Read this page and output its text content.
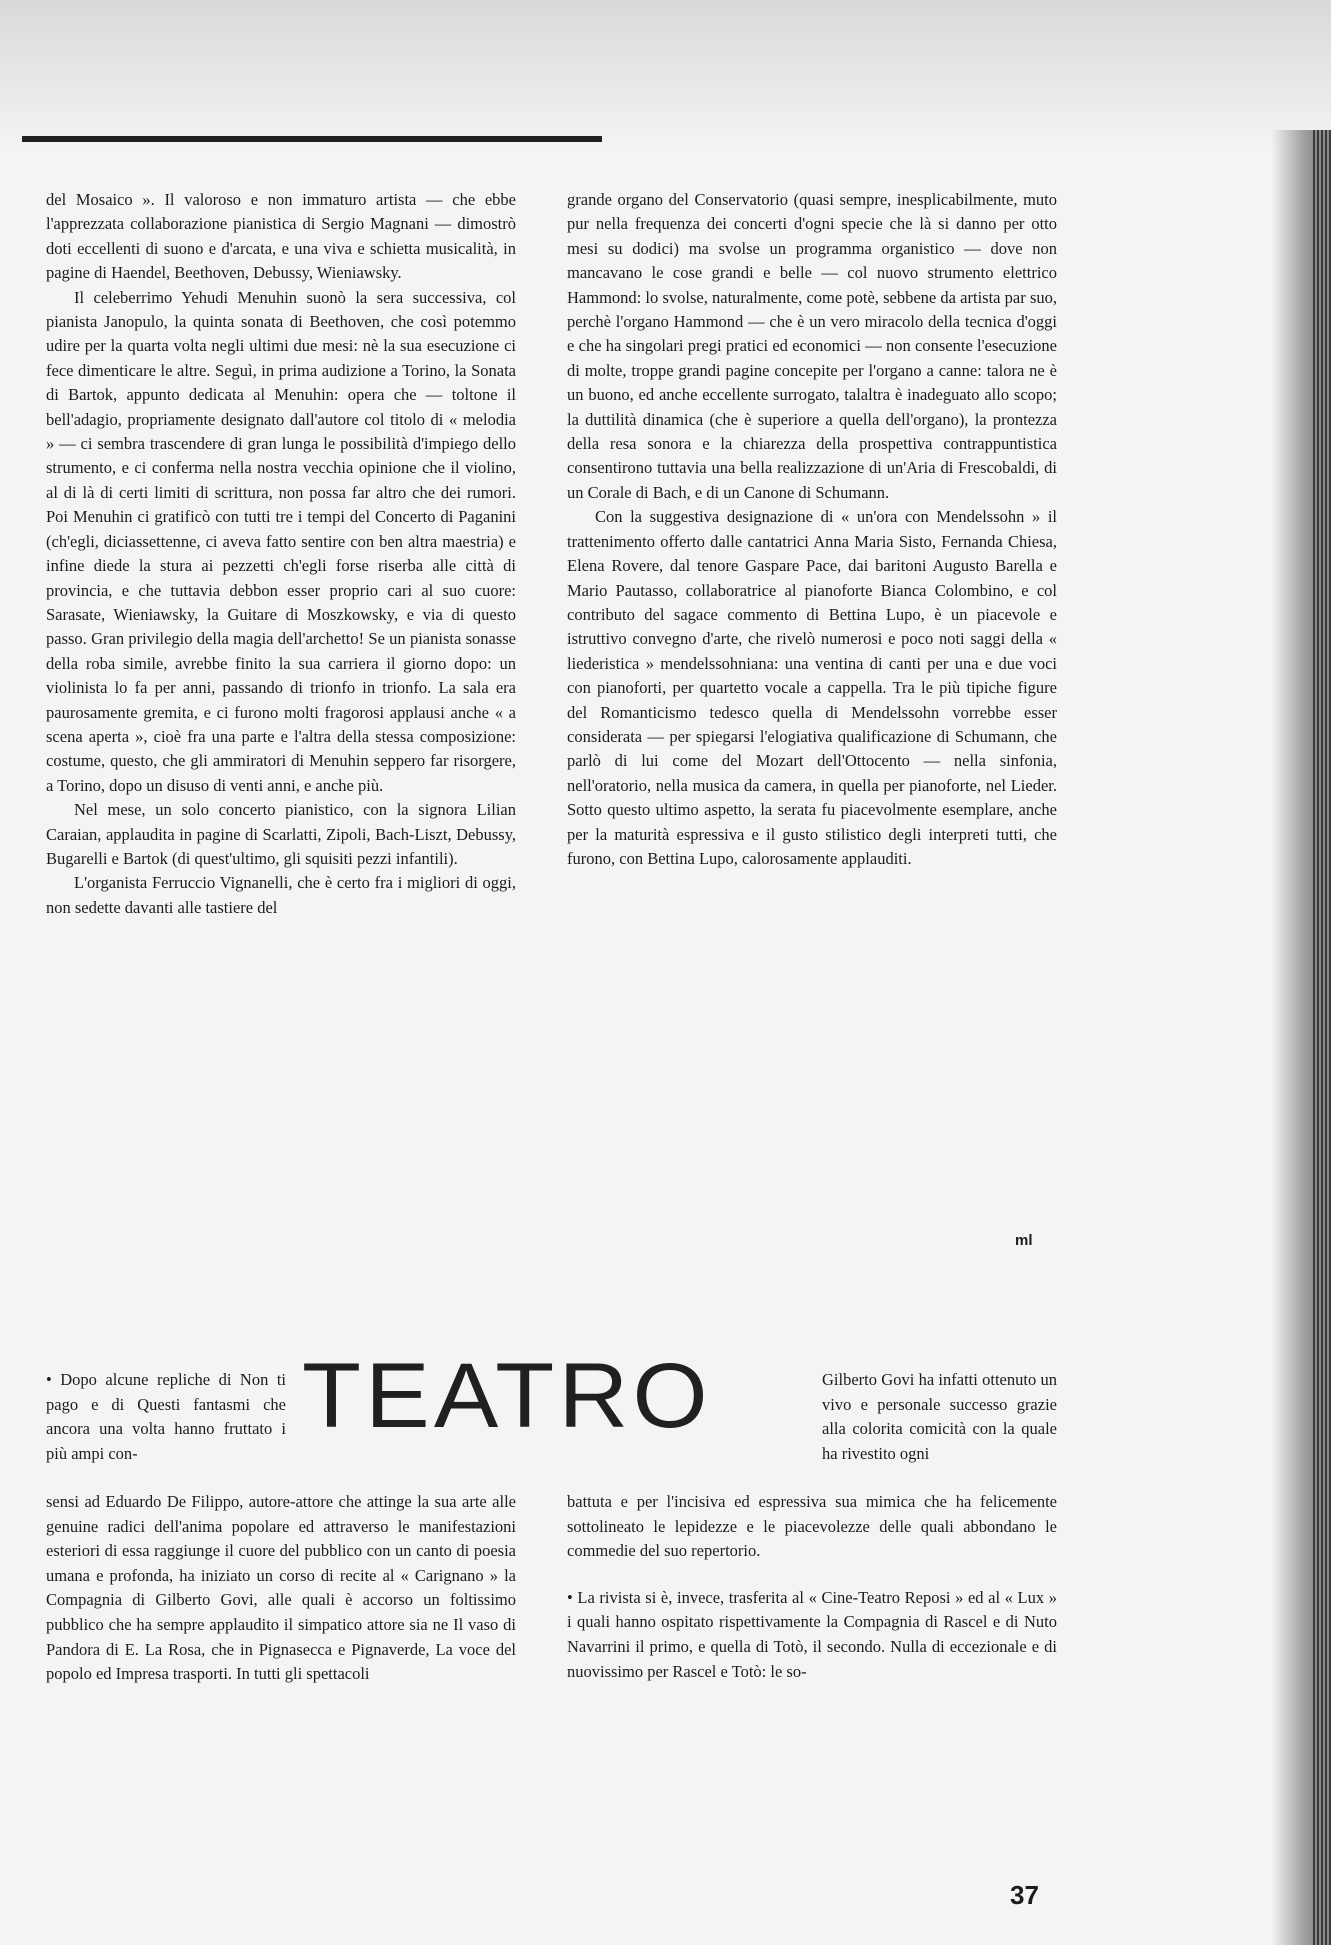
del Mosaico ». Il valoroso e non immaturo artista — che ebbe l'apprezzata collaborazione pianistica di Sergio Magnani — dimostrò doti eccellenti di suono e d'arcata, e una viva e schietta musicalità, in pagine di Haendel, Beethoven, Debussy, Wieniawsky.

Il celeberrimo Yehudi Menuhin suonò la sera successiva, col pianista Janopulo, la quinta sonata di Beethoven, che così potemmo udire per la quarta volta negli ultimi due mesi: nè la sua esecuzione ci fece dimenticare le altre. Seguì, in prima audizione a Torino, la Sonata di Bartok, appunto dedicata al Menuhin: opera che — toltone il bell'adagio, propriamente designato dall'autore col titolo di « melodia » — ci sembra trascendere di gran lunga le possibilità d'impiego dello strumento, e ci conferma nella nostra vecchia opinione che il violino, al di là di certi limiti di scrittura, non possa far altro che dei rumori. Poi Menuhin ci gratificò con tutti tre i tempi del Concerto di Paganini (ch'egli, diciassettenne, ci aveva fatto sentire con ben altra maestria) e infine diede la stura ai pezzetti ch'egli forse riserba alle città di provincia, e che tuttavia debbon esser proprio cari al suo cuore: Sarasate, Wieniawsky, la Guitare di Moszkowsky, e via di questo passo. Gran privilegio della magia dell'archetto! Se un pianista sonasse della roba simile, avrebbe finito la sua carriera il giorno dopo: un violinista lo fa per anni, passando di trionfo in trionfo. La sala era paurosamente gremita, e ci furono molti fragorosi applausi anche « a scena aperta », cioè fra una parte e l'altra della stessa composizione: costume, questo, che gli ammiratori di Menuhin seppero far risorgere, a Torino, dopo un disuso di venti anni, e anche più.

Nel mese, un solo concerto pianistico, con la signora Lilian Caraian, applaudita in pagine di Scarlatti, Zipoli, Bach-Liszt, Debussy, Bugarelli e Bartok (di quest'ultimo, gli squisiti pezzi infantili).

L'organista Ferruccio Vignanelli, che è certo fra i migliori di oggi, non sedette davanti alle tastiere del

grande organo del Conservatorio (quasi sempre, inesplicabilmente, muto pur nella frequenza dei concerti d'ogni specie che là si danno per otto mesi su dodici) ma svolse un programma organistico — dove non mancavano le cose grandi e belle — col nuovo strumento elettrico Hammond: lo svolse, naturalmente, come potè, sebbene da artista par suo, perchè l'organo Hammond — che è un vero miracolo della tecnica d'oggi e che ha singolari pregi pratici ed economici — non consente l'esecuzione di molte, troppe grandi pagine concepite per l'organo a canne: talora ne è un buono, ed anche eccellente surrogato, talaltra è inadeguato allo scopo; la duttilità dinamica (che è superiore a quella dell'organo), la prontezza della resa sonora e la chiarezza della prospettiva contrappuntistica consentirono tuttavia una bella realizzazione di un'Aria di Frescobaldi, di un Corale di Bach, e di un Canone di Schumann.

Con la suggestiva designazione di « un'ora con Mendelssohn » il trattenimento offerto dalle cantatrici Anna Maria Sisto, Fernanda Chiesa, Elena Rovere, dal tenore Gaspare Pace, dai baritoni Augusto Barella e Mario Pautasso, collaboratrice al pianoforte Bianca Colombino, e col contributo del sagace commento di Bettina Lupo, è un piacevole e istruttivo convegno d'arte, che rivelò numerosi e poco noti saggi della « liederistica » mendelssohniana: una ventina di canti per una e due voci con pianoforti, per quartetto vocale a cappella. Tra le più tipiche figure del Romanticismo tedesco quella di Mendelssohn vorrebbe esser considerata — per spiegarsi l'elogiativa qualificazione di Schumann, che parlò di lui come del Mozart dell'Ottocento — nella sinfonia, nell'oratorio, nella musica da camera, in quella per pianoforte, nel Lieder. Sotto questo ultimo aspetto, la serata fu piacevolmente esemplare, anche per la maturità espressiva e il gusto stilistico degli interpreti tutti, che furono, con Bettina Lupo, calorosamente applauditi.

ml
TEATRO
• Dopo alcune repliche di Non ti pago e di Questi fantasmi che ancora una volta hanno fruttato i più ampi con-
Gilberto Govi ha infatti ottenuto un vivo e personale successo grazie alla colorita comicità con la quale ha rivestito ogni

sensi ad Eduardo De Filippo, autore-attore che attinge la sua arte alle genuine radici dell'anima popolare ed attraverso le manifestazioni esteriori di essa raggiunge il cuore del pubblico con un canto di poesia umana e profonda, ha iniziato un corso di recite al « Carignano » la Compagnia di Gilberto Govi, alle quali è accorso un foltissimo pubblico che ha sempre applaudito il simpatico attore sia ne Il vaso di Pandora di E. La Rosa, che in Pignasecca e Pignaverde, La voce del popolo ed Impresa trasporti. In tutti gli spettacoli

battuta e per l'incisiva ed espressiva sua mimica che ha felicemente sottolineato le lepidezze e le piacevolezze delle quali abbondano le commedie del suo repertorio.

• La rivista si è, invece, trasferita al « Cine-Teatro Reposi » ed al « Lux » i quali hanno ospitato rispettivamente la Compagnia di Rascel e di Nuto Navarrini il primo, e quella di Totò, il secondo. Nulla di eccezionale e di nuovissimo per Rascel e Totò: le so-

37
